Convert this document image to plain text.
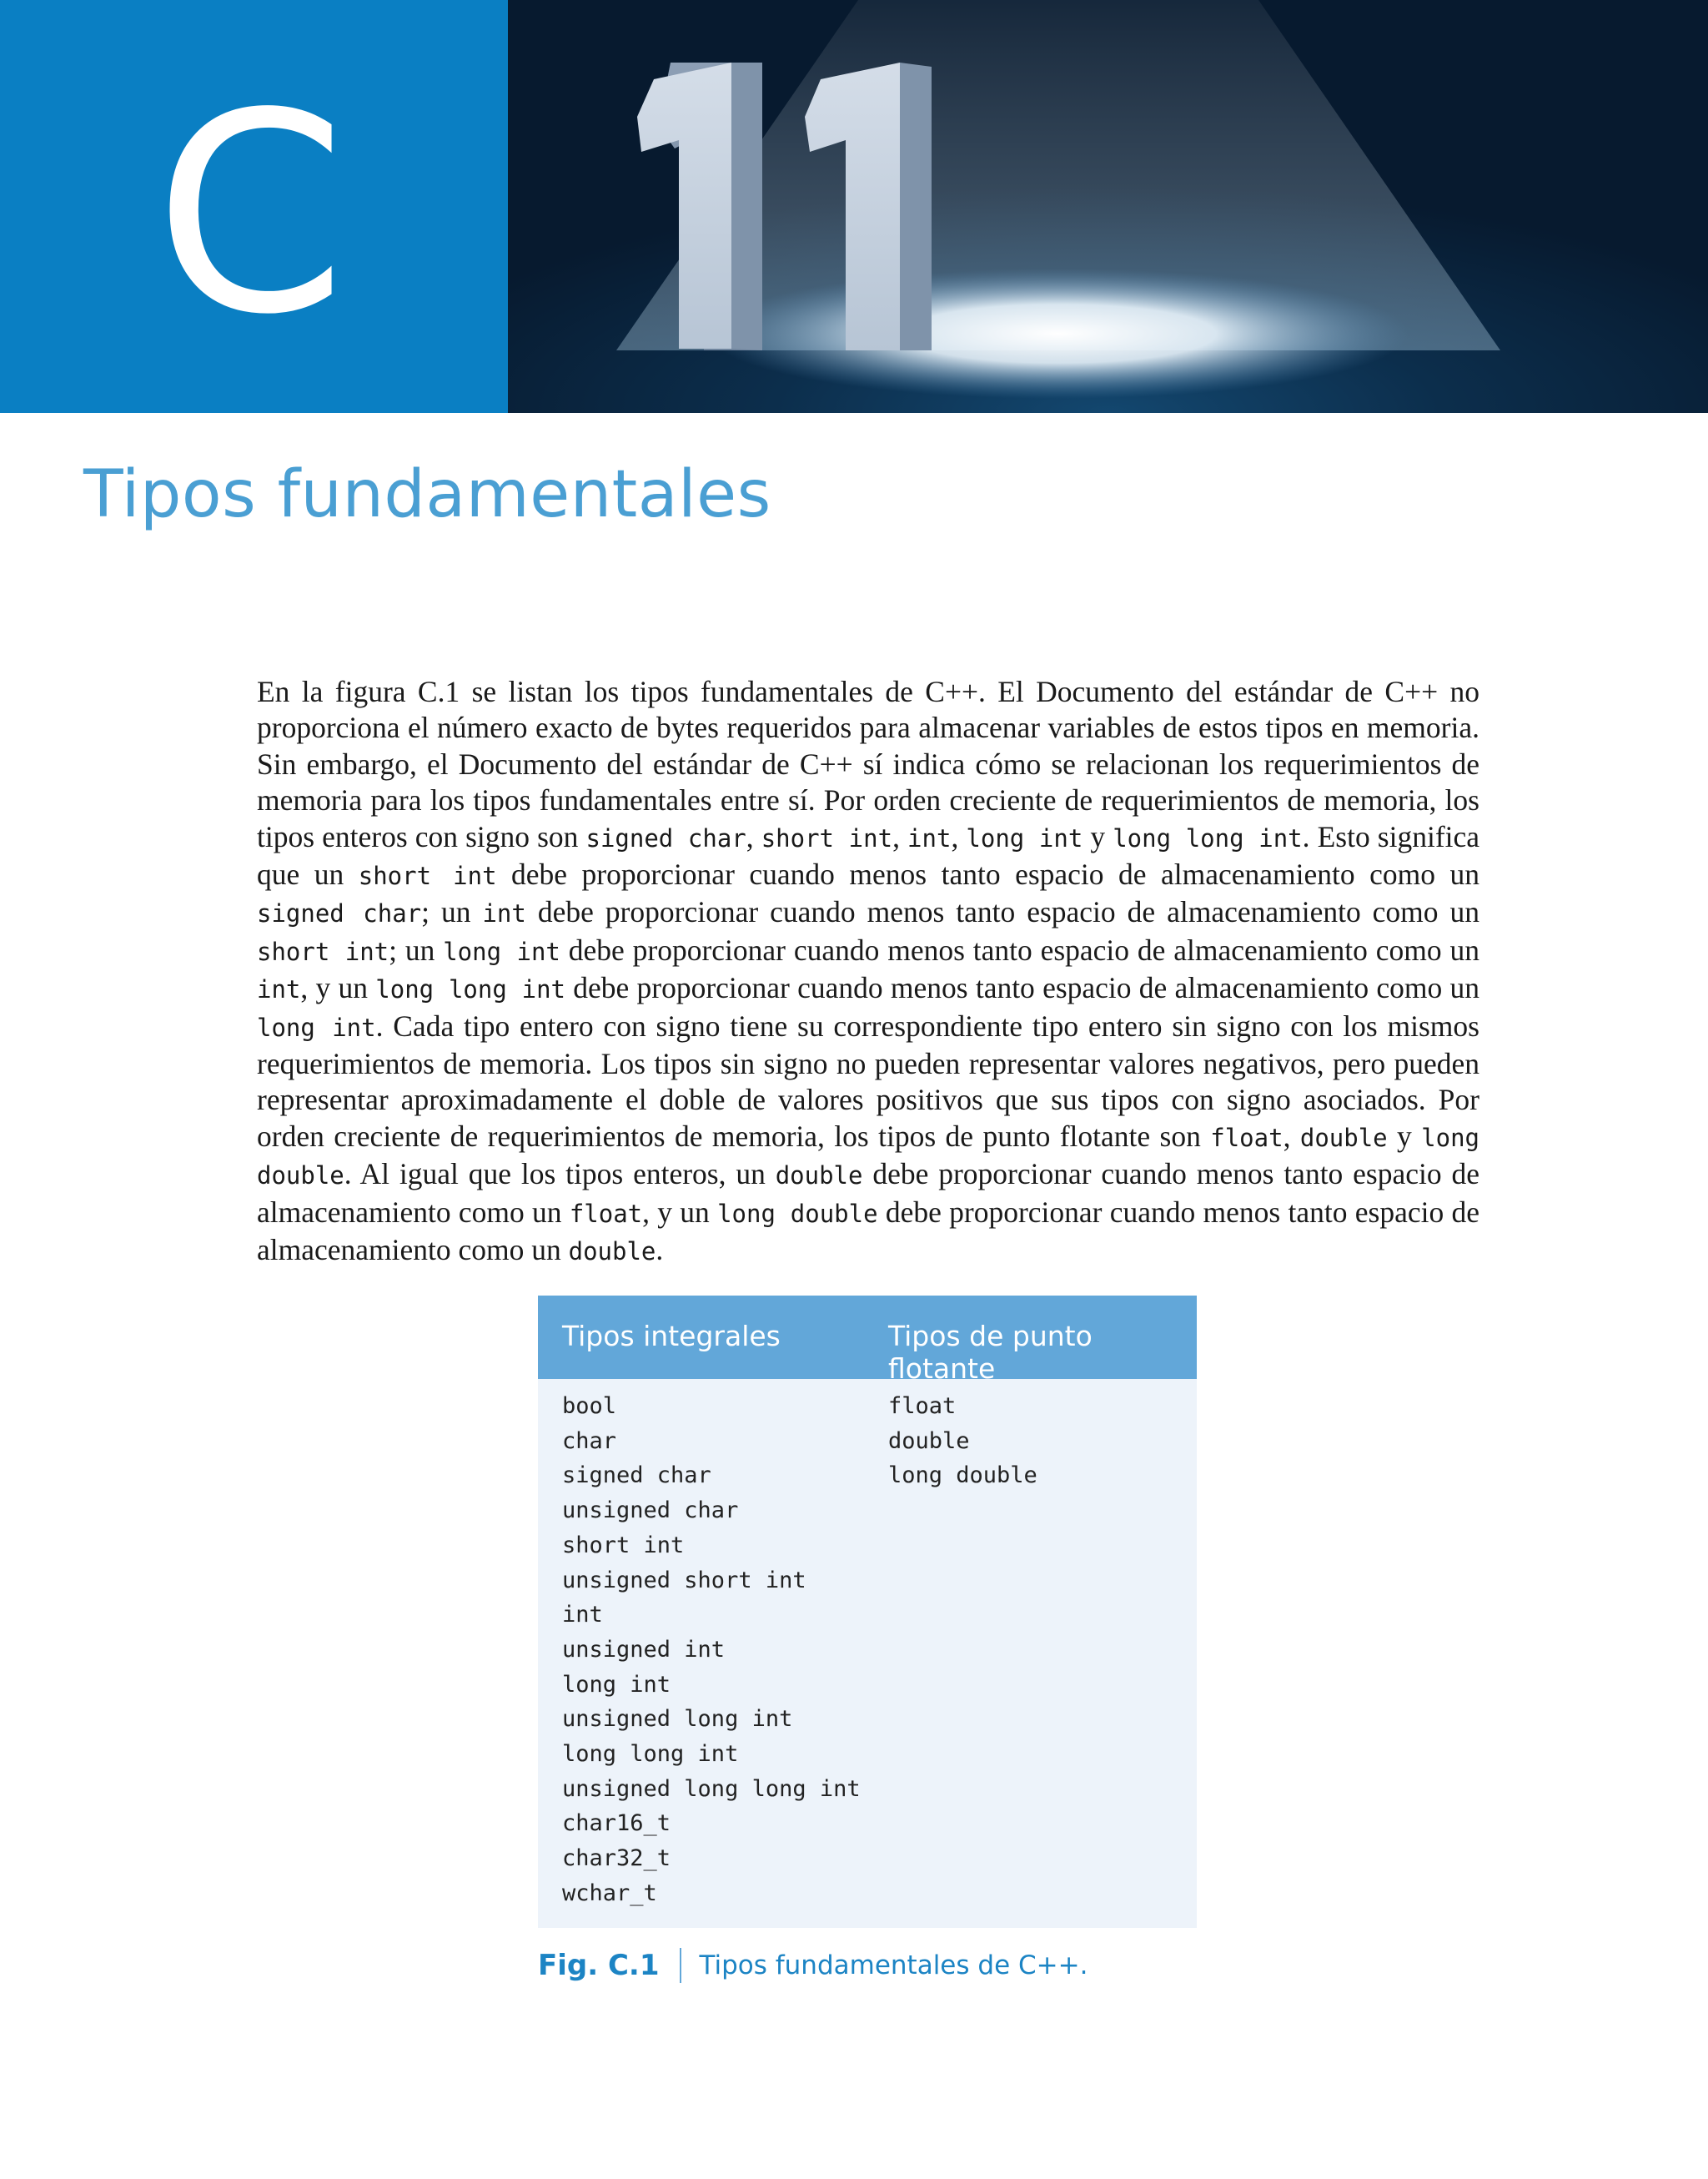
C
Tipos fundamentales

En la figura C.1 se listan los tipos fundamentales de C++. El Documento del estándar de C++ no proporciona el número exacto de bytes requeridos para almacenar variables de estos tipos en memoria. Sin embargo, el Documento del estándar de C++ sí indica cómo se relacionan los requerimientos de memoria para los tipos fundamentales entre sí. Por orden creciente de requerimientos de memoria, los tipos enteros con signo son signed char, short int, int, long int y long long int. Esto significa que un short int debe proporcionar cuando menos tanto espacio de almacenamiento como un signed char; un int debe proporcionar cuando menos tanto espacio de almacenamiento como un short int; un long int debe proporcionar cuando menos tanto espacio de almacenamiento como un int, y un long long int debe proporcionar cuando menos tanto espacio de almacenamiento como un long int. Cada tipo entero con signo tiene su correspondiente tipo entero sin signo con los mismos requerimientos de memoria. Los tipos sin signo no pueden representar valores negativos, pero pueden representar aproximadamente el doble de valores positivos que sus tipos con signo asociados. Por orden creciente de requerimientos de memoria, los tipos de punto flotante son float, double y long double. Al igual que los tipos enteros, un double debe proporcionar cuando menos tanto espacio de almacenamiento como un float, y un long double debe proporcionar cuando menos tanto espacio de almacenamiento como un double.

Tipos integrales	Tipos de punto flotante
bool
char
signed char
unsigned char
short int
unsigned short int
int
unsigned int
long int
unsigned long int
long long int
unsigned long long int
char16_t
char32_t
wchar_t
float
double
long double
Fig. C.1 Tipos fundamentales de C++.
